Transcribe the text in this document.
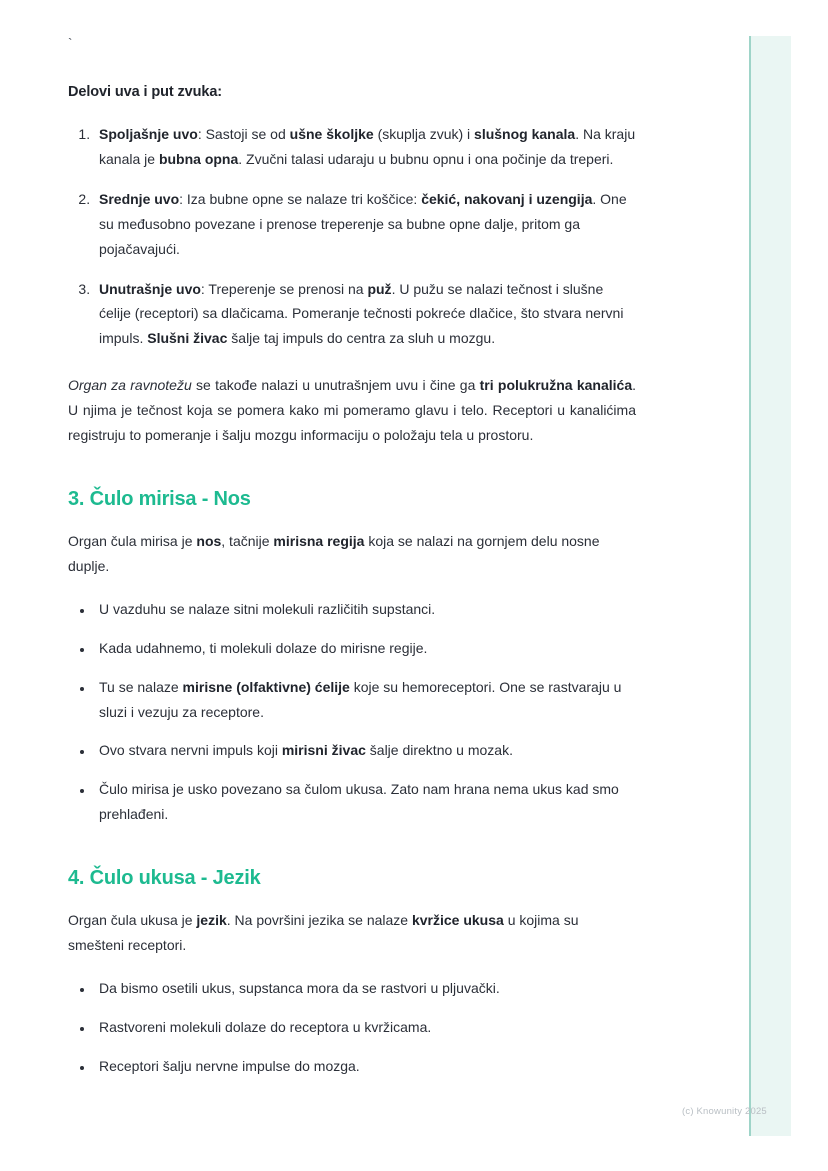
`
Delovi uva i put zvuka:
1. Spoljašnje uvo: Sastoji se od ušne školjke (skuplja zvuk) i slušnog kanala. Na kraju kanala je bubna opna. Zvučni talasi udaraju u bubnu opnu i ona počinje da treperi.
2. Srednje uvo: Iza bubne opne se nalaze tri koščice: čekić, nakovanj i uzengija. One su međusobno povezane i prenose treperenje sa bubne opne dalje, pritom ga pojačavajući.
3. Unutrašnje uvo: Treperenje se prenosi na puž. U pužu se nalazi tečnost i slušne ćelije (receptori) sa dlačicama. Pomeranje tečnosti pokreće dlačice, što stvara nervni impuls. Slušni živac šalje taj impuls do centra za sluh u mozgu.

Organ za ravnotežu se takođe nalazi u unutrašnjem uvu i čine ga tri polukružna kanalića. U njima je tečnost koja se pomera kako mi pomeramo glavu i telo. Receptori u kanalićima registruju to pomeranje i šalju mozgu informaciju o položaju tela u prostoru.

3. Čulo mirisa - Nos

Organ čula mirisa je nos, tačnije mirisna regija koja se nalazi na gornjem delu nosne duplje.

• U vazduhu se nalaze sitni molekuli različitih supstanci.
• Kada udahnemo, ti molekuli dolaze do mirisne regije.
• Tu se nalaze mirisne (olfaktivne) ćelije koje su hemoreceptori. One se rastvaraju u sluzi i vezuju za receptore.
• Ovo stvara nervni impuls koji mirisni živac šalje direktno u mozak.
• Čulo mirisa je usko povezano sa čulom ukusa. Zato nam hrana nema ukus kad smo prehlađeni.
4. Čulo ukusa - Jezik

Organ čula ukusa je jezik. Na površini jezika se nalaze kvržice ukusa u kojima su smešteni receptori.

• Da bismo osetili ukus, supstanca mora da se rastvori u pljuvački.
• Rastvoreni molekuli dolaze do receptora u kvržicama.
• Receptori šalju nervne impulse do mozga.
(c) Knowunity 2025
